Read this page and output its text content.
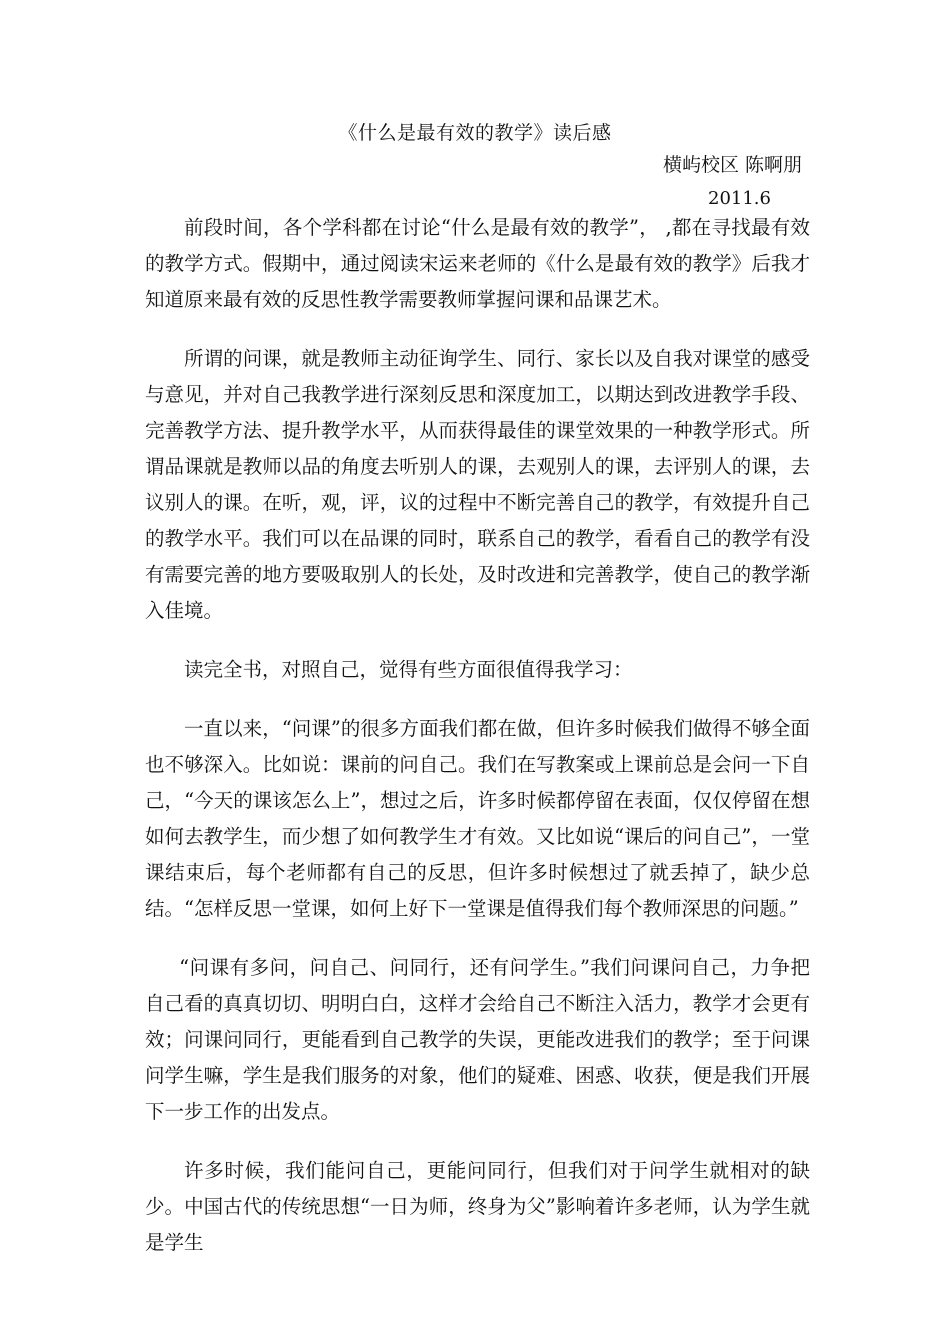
《什么是最有效的教学》读后感
横屿校区 陈啊朋
2011.6

前段时间，各个学科都在讨论“什么是最有效的教学”， ,都在寻找最有效的教学方式。假期中，通过阅读宋运来老师的《什么是最有效的教学》后我才知道原来最有效的反思性教学需要教师掌握问课和品课艺术。

所谓的问课，就是教师主动征询学生、同行、家长以及自我对课堂的感受与意见，并对自己我教学进行深刻反思和深度加工，以期达到改进教学手段、完善教学方法、提升教学水平，从而获得最佳的课堂效果的一种教学形式。所谓品课就是教师以品的角度去听别人的课，去观别人的课，去评别人的课，去议别人的课。在听，观，评，议的过程中不断完善自己的教学，有效提升自己的教学水平。我们可以在品课的同时，联系自己的教学，看看自己的教学有没有需要完善的地方要吸取别人的长处，及时改进和完善教学，使自己的教学渐入佳境。

读完全书，对照自己，觉得有些方面很值得我学习：

一直以来，“问课”的很多方面我们都在做，但许多时候我们做得不够全面也不够深入。比如说：课前的问自己。我们在写教案或上课前总是会问一下自己，“今天的课该怎么上”，想过之后，许多时候都停留在表面，仅仅停留在想如何去教学生，而少想了如何教学生才有效。又比如说“课后的问自己”，一堂课结束后，每个老师都有自己的反思，但许多时候想过了就丢掉了，缺少总结。“怎样反思一堂课，如何上好下一堂课是值得我们每个教师深思的问题。”

“问课有多问，问自己、问同行，还有问学生。”我们问课问自己，力争把自己看的真真切切、明明白白，这样才会给自己不断注入活力，教学才会更有效；问课问同行，更能看到自己教学的失误，更能改进我们的教学；至于问课问学生嘛，学生是我们服务的对象，他们的疑难、困惑、收获，便是我们开展下一步工作的出发点。

许多时候，我们能问自己，更能问同行，但我们对于问学生就相对的缺少。中国古代的传统思想“一日为师，终身为父”影响着许多老师，认为学生就是学生
